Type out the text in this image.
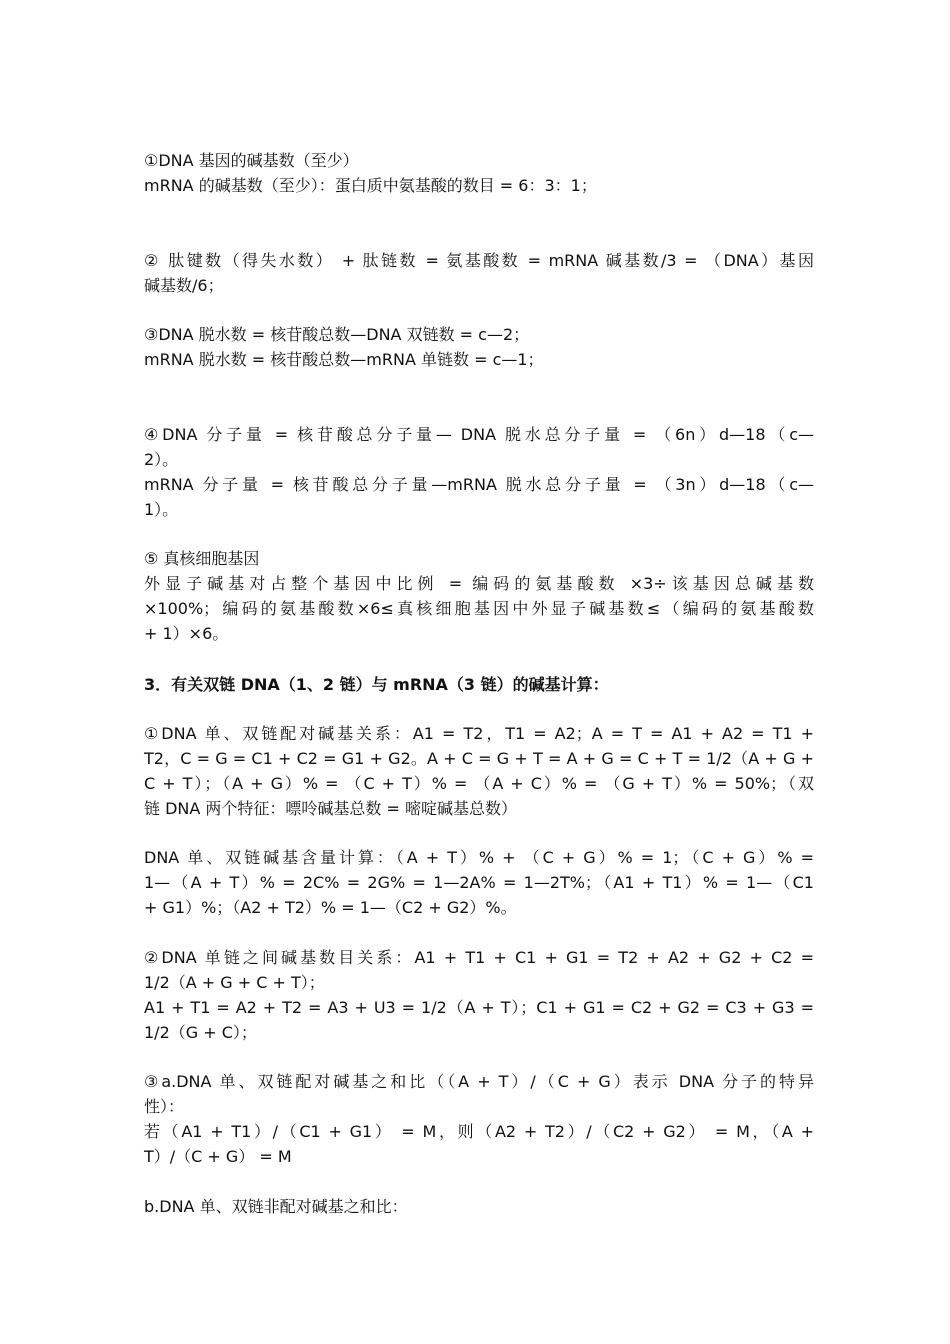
①DNA 基因的碱基数（至少）
mRNA 的碱基数（至少）：蛋白质中氨基酸的数目 = 6：3：1；
② 肽键数（得失水数） + 肽链数 = 氨基酸数 = mRNA 碱基数/3 = （DNA）基因
碱基数/6；
③DNA 脱水数 = 核苷酸总数—DNA 双链数 = c—2；
mRNA 脱水数 = 核苷酸总数—mRNA 单链数 = c—1；
④DNA 分子量 = 核苷酸总分子量— DNA 脱水总分子量 = （6n）d—18（c—
2）。
mRNA 分子量 = 核苷酸总分子量—mRNA 脱水总分子量 = （3n）d—18（c—
1）。
⑤ 真核细胞基因
外显子碱基对占整个基因中比例 = 编码的氨基酸数 ×3÷该基因总碱基数
×100%；编码的氨基酸数×6≤真核细胞基因中外显子碱基数≤（编码的氨基酸数
+ 1）×6。
3．有关双链 DNA（1、2 链）与 mRNA（3 链）的碱基计算：
①DNA 单、双链配对碱基关系：A1 = T2，T1 = A2；A = T = A1 + A2 = T1 +
T2，C = G = C1 + C2 = G1 + G2。A + C = G + T = A + G = C + T = 1/2（A + G +
C + T）；（A + G）% = （C + T）% = （A + C）% = （G + T）% = 50%；（双
链 DNA 两个特征：嘌呤碱基总数 = 嘧啶碱基总数）
DNA 单、双链碱基含量计算：（A + T）% + （C + G）% = 1；（C + G）% =
1—（A + T）% = 2C% = 2G% = 1—2A% = 1—2T%；（A1 + T1）% = 1—（C1
+ G1）%；（A2 + T2）% = 1—（C2 + G2）%。
②DNA 单链之间碱基数目关系：A1 + T1 + C1 + G1 = T2 + A2 + G2 + C2 =
1/2（A + G + C + T）；
A1 + T1 = A2 + T2 = A3 + U3 = 1/2（A + T）；C1 + G1 = C2 + G2 = C3 + G3 =
1/2（G + C）；
③a.DNA 单、双链配对碱基之和比（（A + T）/（C + G）表示 DNA 分子的特异
性）：
若（A1 + T1）/（C1 + G1） = M，则（A2 + T2）/（C2 + G2） = M，（A +
T）/（C + G） = M
b.DNA 单、双链非配对碱基之和比：
